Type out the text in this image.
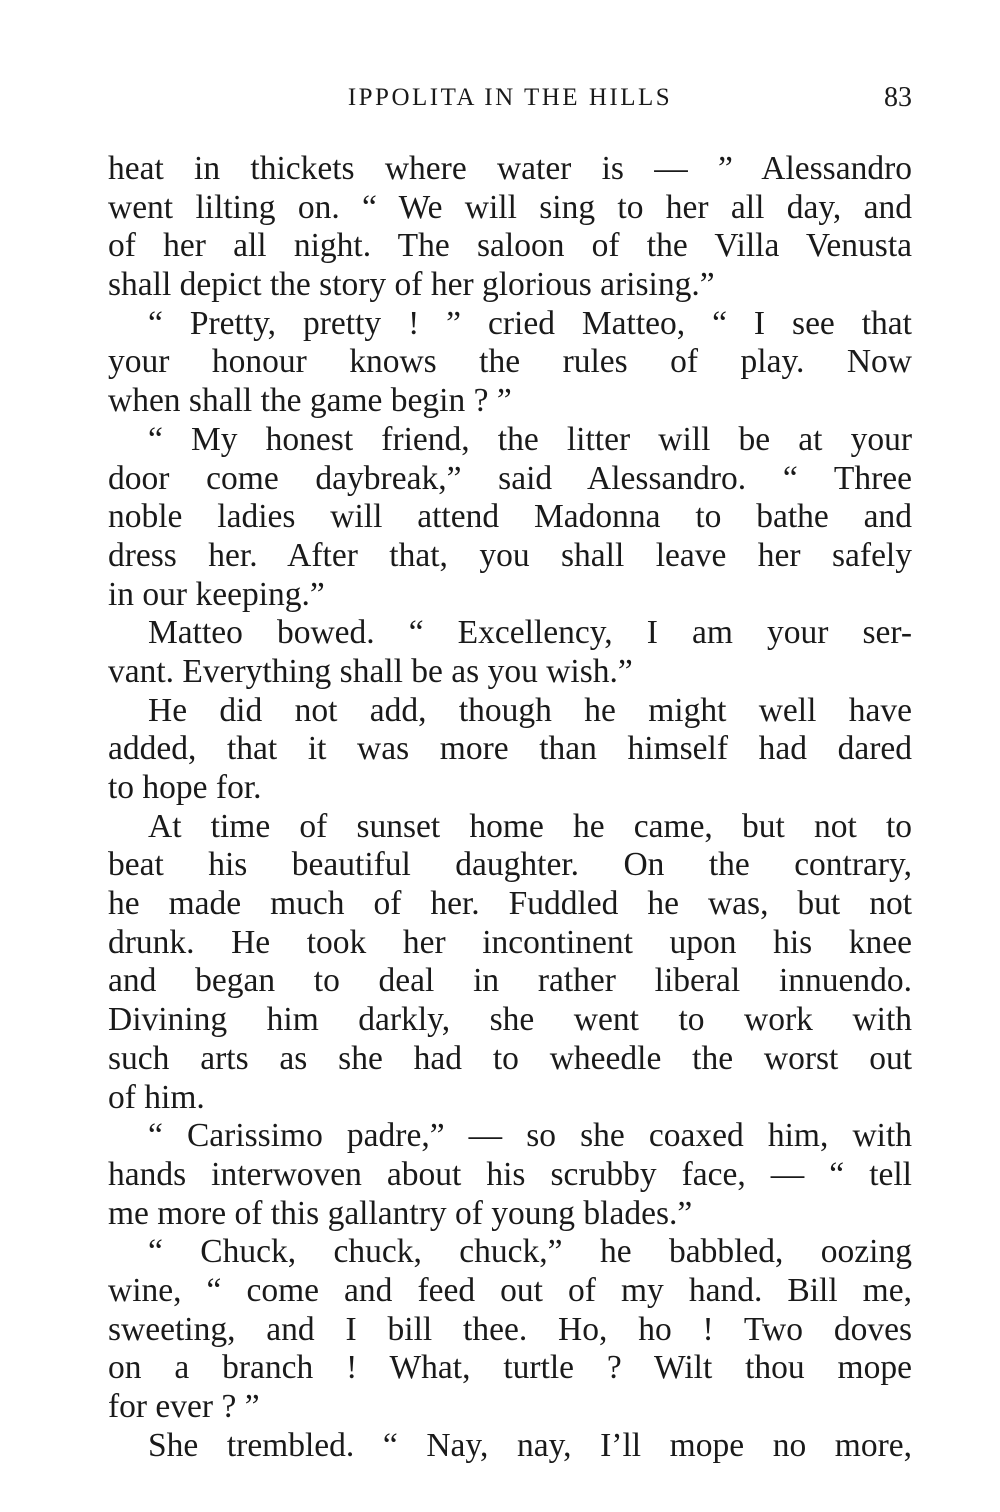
IPPOLITA IN THE HILLS	83
heat in thickets where water is — ” Alessandro
went lilting on. “ We will sing to her all day, and
of her all night. The saloon of the Villa Venusta
shall depict the story of her glorious arising.”
“ Pretty, pretty ! ” cried Matteo, “ I see that
your honour knows the rules of play. Now
when shall the game begin ? ”
“ My honest friend, the litter will be at your
door come daybreak,” said Alessandro. “ Three
noble ladies will attend Madonna to bathe and
dress her. After that, you shall leave her safely
in our keeping.”
Matteo bowed. “ Excellency, I am your ser-
vant. Everything shall be as you wish.”
He did not add, though he might well have
added, that it was more than himself had dared
to hope for.
At time of sunset home he came, but not to
beat his beautiful daughter. On the contrary,
he made much of her. Fuddled he was, but not
drunk. He took her incontinent upon his knee
and began to deal in rather liberal innuendo.
Divining him darkly, she went to work with
such arts as she had to wheedle the worst out
of him.
“ Carissimo padre,” — so she coaxed him, with
hands interwoven about his scrubby face, — “ tell
me more of this gallantry of young blades.”
“ Chuck, chuck, chuck,” he babbled, oozing
wine, “ come and feed out of my hand. Bill me,
sweeting, and I bill thee. Ho, ho ! Two doves
on a branch ! What, turtle ? Wilt thou mope
for ever ? ”
She trembled. “ Nay, nay, I’ll mope no more,
